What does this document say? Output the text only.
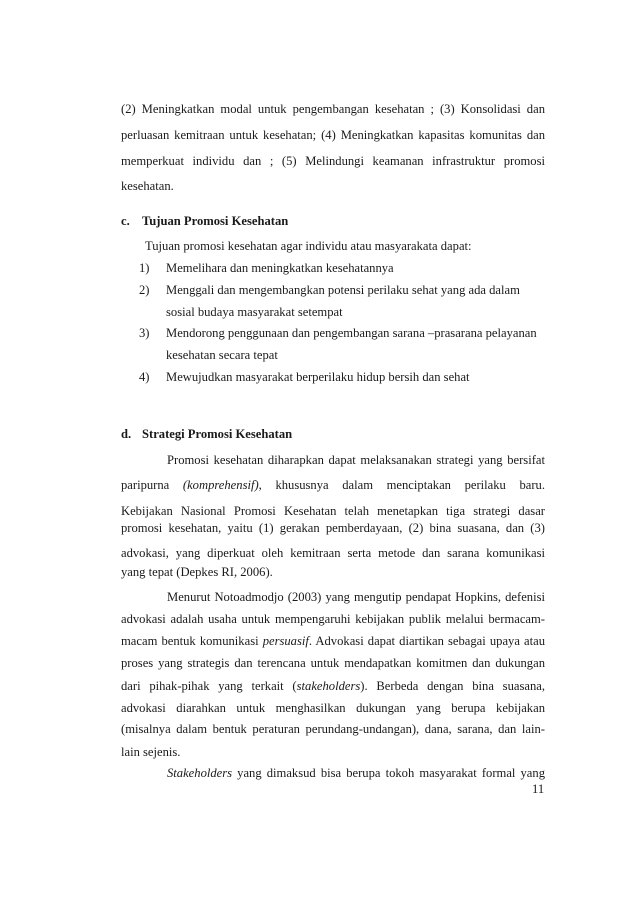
(2) Meningkatkan modal untuk pengembangan kesehatan ; (3) Konsolidasi dan
perluasan kemitraan untuk kesehatan; (4) Meningkatkan kapasitas komunitas dan
memperkuat individu dan ; (5) Melindungi keamanan infrastruktur promosi
kesehatan.
c. Tujuan Promosi Kesehatan
Tujuan promosi kesehatan agar individu atau masyarakata dapat:
1) Memelihara dan meningkatkan kesehatannya
2) Menggali dan mengembangkan potensi perilaku sehat yang ada dalam
sosial budaya masyarakat setempat
3) Mendorong penggunaan dan pengembangan sarana –prasarana pelayanan
kesehatan secara tepat
4) Mewujudkan masyarakat berperilaku hidup bersih dan sehat
d. Strategi Promosi Kesehatan
Promosi kesehatan diharapkan dapat melaksanakan strategi yang bersifat
paripurna (komprehensif), khususnya dalam menciptakan perilaku baru.
Kebijakan Nasional Promosi Kesehatan telah menetapkan tiga strategi dasar
promosi kesehatan, yaitu (1) gerakan pemberdayaan, (2) bina suasana, dan (3)
advokasi, yang diperkuat oleh kemitraan serta metode dan sarana komunikasi
yang tepat (Depkes RI, 2006).
Menurut Notoadmodjo (2003) yang mengutip pendapat Hopkins, defenisi
advokasi adalah usaha untuk mempengaruhi kebijakan publik melalui bermacam-
macam bentuk komunikasi persuasif. Advokasi dapat diartikan sebagai upaya atau
proses yang strategis dan terencana untuk mendapatkan komitmen dan dukungan
dari pihak-pihak yang terkait (stakeholders). Berbeda dengan bina suasana,
advokasi diarahkan untuk menghasilkan dukungan yang berupa kebijakan
(misalnya dalam bentuk peraturan perundang-undangan), dana, sarana, dan lain-
lain sejenis.
Stakeholders yang dimaksud bisa berupa tokoh masyarakat formal yang
11
